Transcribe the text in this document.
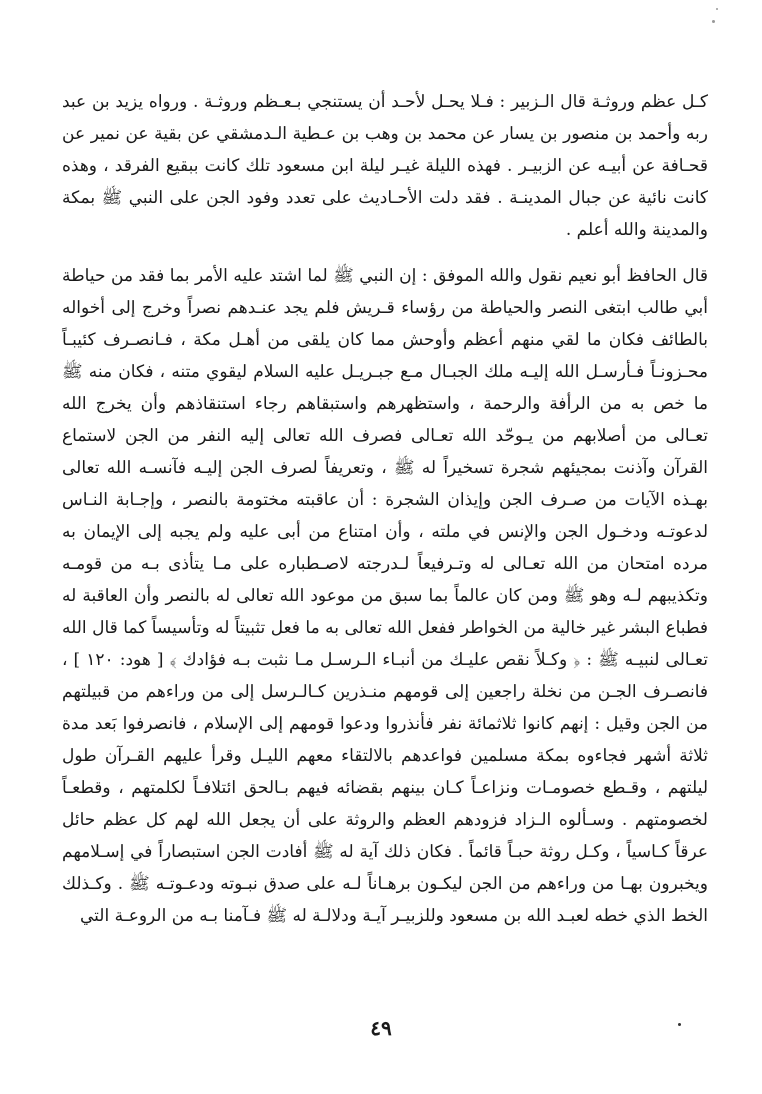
كـل عظم وروثـة قال الـزبير : فـلا يحـل لأحـد أن يستنجي بـعـظم وروثـة . ورواه يزيد بن عبد ربه وأحمد بن منصور بن يسار عن محمد بن وهب بن عـطية الـدمشقي عن بقية عن نمير عن قحـافة عن أبيـه عن الزبيـر . فهذه الليلة غيـر ليلة ابن مسعود تلك كانت ببقيع الفرقد ، وهذه كانت نائية عن جبال المدينـة . فقد دلت الأحـاديث على تعدد وفود الجن على النبي ﷺ بمكة والمدينة والله أعلم .

قال الحافظ أبو نعيم نقول والله الموفق : إن النبي ﷺ لما اشتد عليه الأمر بما فقد من حياطة أبي طالب ابتغى النصر والحياطة من رؤساء قـريش فلم يجد عنـدهم نصراً وخرج إلى أخواله بالطائف فكان ما لقي منهم أعظم وأوحش مما كان يلقى من أهـل مكة ، فـانصـرف كئيبـاً محـزونـاً فـأرسـل الله إليـه ملك الجبـال مـع جبـريـل عليه السلام ليقوي متنه ، فكان منه ﷺ ما خص به من الرأفة والرحمة ، واستظهرهم واستبقاهم رجاء استنقاذهم وأن يخرج الله تعـالى من أصلابهم من يـوحّد الله تعـالى فصرف الله تعالى إليه النفر من الجن لاستماع القرآن وآذنت بمجيئهم شجرة تسخيراً له ﷺ ، وتعريفاً لصرف الجن إليـه فآنسـه الله تعالى بهـذه الآيات من صـرف الجن وإيذان الشجرة : أن عاقبته مختومة بالنصر ، وإجـابة النـاس لدعوتـه ودخـول الجن والإنس في ملته ، وأن امتناع من أبى عليه ولم يجبه إلى الإيمان به مرده امتحان من الله تعـالى له وتـرفيعاً لـدرجته لاصـطباره على مـا يتأذى بـه من قومـه وتكذيبهم لـه وهو ﷺ ومن كان عالماً بما سبق من موعود الله تعالى له بالنصر وأن العاقبة له فطباع البشر غير خالية من الخواطر ففعل الله تعالى به ما فعل تثبيتاً له وتأسيساً كما قال الله تعـالى لنبيـه ﷺ : ﴿ وكـلاً نقص عليـك من أنبـاء الـرسـل مـا نثبت بـه فؤادك ﴾ [ هود: ١٢٠ ] ، فانصـرف الجـن من نخلة راجعين إلى قومهم منـذرين كـالـرسل إلى من وراءهم من قبيلتهم من الجن وقيل : إنهم كانوا ثلاثمائة نفر فأنذروا ودعوا قومهم إلى الإسلام ، فانصرفوا بَعد مدة ثلاثة أشهر فجاءوه بمكة مسلمين فواعدهم بالالتقاء معهم الليـل وقرأ عليهم القـرآن طول ليلتهم ، وقـطع خصومـات ونزاعـاً كـان بينهم بقضائه فيهم بـالحق ائتلافـاً لكلمتهم ، وقطعـاً لخصومتهم . وسـألوه الـزاد فزودهم العظم والروثة على أن يجعل الله لهم كل عظم حائل عرقاً كـاسياً ، وكـل روثة حبـاً قائماً . فكان ذلك آية له ﷺ أفادت الجن استبصاراً في إسـلامهم ويخبرون بهـا من وراءهم من الجن ليكـون برهـاناً لـه على صدق نبـوته ودعـوتـه ﷺ . وكـذلك الخط الذي خطه لعبـد الله بن مسعود وللزبيـر آيـة ودلالـة له ﷺ فـآمنا بـه من الروعـة التي

٤٩
